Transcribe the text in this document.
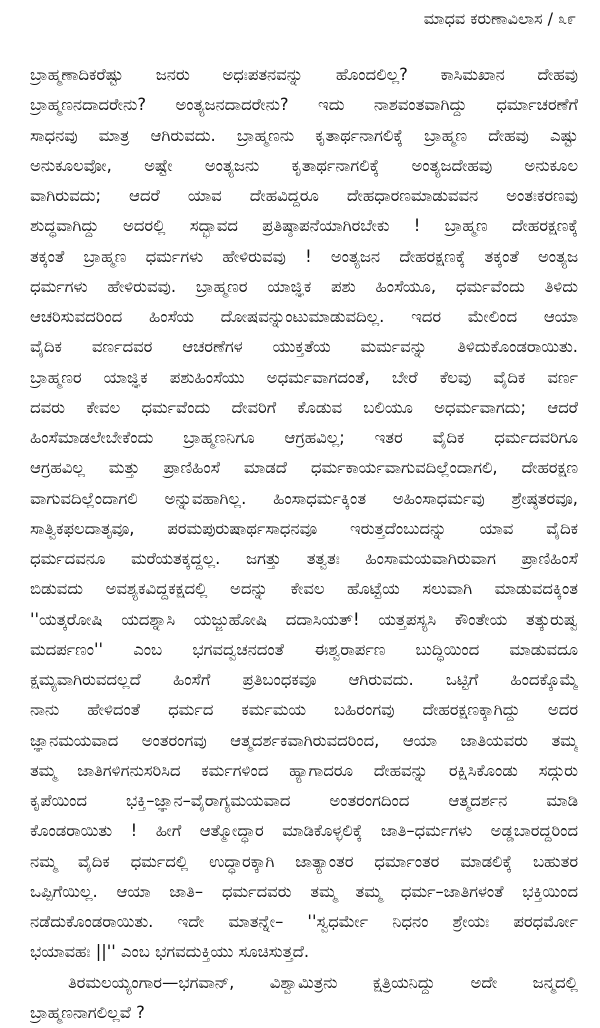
ಮಾಧವ ಕರುಣಾವಿಲಾಸ / ೩೯
ಬ್ರಾಹ್ಮಣಾದಿಕರೆಷ್ಟು ಜನರು ಅಧಃಪತನವನ್ನು ಹೊಂದಲಿಲ್ಲ? ಕಾಸಿಮಖಾನ ದೇಹವು
ಬ್ರಾಹ್ಮಣನದಾದರೇನು? ಅಂತ್ಯಜನದಾದರೇನು? ಇದು ನಾಶವಂತವಾಗಿದ್ದು ಧರ್ಮಾಚರಣೆಗೆ
ಸಾಧನವು ಮಾತ್ರ ಆಗಿರುವದು. ಬ್ರಾಹ್ಮಣನು ಕೃತಾರ್ಥನಾಗಲಿಕ್ಕೆ ಬ್ರಾಹ್ಮಣ ದೇಹವು ಎಷ್ಟು
ಅನುಕೂಲವೋ, ಅಷ್ಟೇ ಅಂತ್ಯಜನು ಕೃತಾರ್ಥನಾಗಲಿಕ್ಕೆ ಅಂತ್ಯಜದೇಹವು ಅನುಕೂಲ
ವಾಗಿರುವದು; ಆದರೆ ಯಾವ ದೇಹವಿದ್ದರೂ ದೇಹಧಾರಣಮಾಡುವವನ ಅಂತಃಕರಣವು
ಶುದ್ಧವಾಗಿದ್ದು ಅದರಲ್ಲಿ ಸದ್ಭಾವದ ಪ್ರತಿಷ್ಠಾಪನೆಯಾಗಿರಬೇಕು ! ಬ್ರಾಹ್ಮಣ ದೇಹರಕ್ಷಣಕ್ಕೆ
ತಕ್ಕಂತೆ ಬ್ರಾಹ್ಮಣ ಧರ್ಮಗಳು ಹೇಳಿರುವವು ! ಅಂತ್ಯಜನ ದೇಹರಕ್ಷಣಕ್ಕೆ ತಕ್ಕಂತೆ ಅಂತ್ಯಜ
ಧರ್ಮಗಳು ಹೇಳಿರುವವು. ಬ್ರಾಹ್ಮಣರ ಯಾಜ್ಞಿಕ ಪಶು ಹಿಂಸೆಯೂ, ಧರ್ಮವೆಂದು ತಿಳಿದು
ಆಚರಿಸುವದರಿಂದ ಹಿಂಸೆಯ ದೋಷವನ್ನುಂಟುಮಾಡುವದಿಲ್ಲ. ಇದರ ಮೇಲಿಂದ ಆಯಾ
ವೈದಿಕ ವರ್ಣದವರ ಆಚರಣೆಗಳ ಯುಕ್ತತೆಯ ಮರ್ಮವನ್ನು ತಿಳಿದುಕೊಂಡರಾಯಿತು.
ಬ್ರಾಹ್ಮಣರ ಯಾಜ್ಞಿಕ ಪಶುಹಿಂಸೆಯು ಅಧರ್ಮವಾಗದಂತೆ, ಬೇರೆ ಕೆಲವು ವೈದಿಕ ವರ್ಣ
ದವರು ಕೇವಲ ಧರ್ಮವೆಂದು ದೇವರಿಗೆ ಕೊಡುವ ಬಲಿಯೂ ಅಧರ್ಮವಾಗದು; ಆದರೆ
ಹಿಂಸೆಮಾಡಲೇಬೇಕೆಂದು ಬ್ರಾಹ್ಮಣನಿಗೂ ಆಗ್ರಹವಿಲ್ಲ; ಇತರ ವೈದಿಕ ಧರ್ಮದವರಿಗೂ
ಆಗ್ರಹವಿಲ್ಲ ಮತ್ತು ಪ್ರಾಣಿಹಿಂಸೆ ಮಾಡದೆ ಧರ್ಮಕಾರ್ಯವಾಗುವದಿಲ್ಲೆಂದಾಗಲಿ, ದೇಹರಕ್ಷಣ
ವಾಗುವದಿಲ್ಲೆಂದಾಗಲಿ ಅನ್ನುವಹಾಗಿಲ್ಲ. ಹಿಂಸಾಧರ್ಮಕ್ಕಿಂತ ಅಹಿಂಸಾಧರ್ಮವು ಶ್ರೇಷ್ಠತರವೂ,
ಸಾತ್ವಿಕಫಲದಾತೃವೂ, ಪರಮಪುರುಷಾರ್ಥಸಾಧನವೂ ಇರುತ್ತದೆಂಬುದನ್ನು ಯಾವ ವೈದಿಕ
ಧರ್ಮದವನೂ ಮರೆಯತಕ್ಕದ್ದಲ್ಲ. ಜಗತ್ತು ತತ್ವತಃ ಹಿಂಸಾಮಯವಾಗಿರುವಾಗ ಪ್ರಾಣಿಹಿಂಸೆ
ಬಿಡುವದು ಅವಶ್ಯಕವಿದ್ದಕಕ್ಷದಲ್ಲಿ ಅದನ್ನು ಕೇವಲ ಹೊಟ್ಟೆಯ ಸಲುವಾಗಿ ಮಾಡುವದಕ್ಕಿಂತ
''ಯತ್ಕರೋಷಿ ಯದಶ್ನಾಸಿ ಯಜ್ಜುಹೋಷಿ ದದಾಸಿಯತ್! ಯತ್ತಪಸ್ಯಸಿ ಕೌಂತೇಯ ತತ್ಕುರುಷ್ವ
ಮದರ್ಪಣಂ'' ಎಂಬ ಭಗವದ್ವಚನದಂತೆ ಈಶ್ವರಾರ್ಪಣ ಬುದ್ಧಿಯಿಂದ ಮಾಡುವದೂ
ಕ್ಷಮ್ಯವಾಗಿರುವದಲ್ಲದೆ ಹಿಂಸೆಗೆ ಪ್ರತಿಬಂಧಕವೂ ಆಗಿರುವದು. ಒಟ್ಟಿಗೆ ಹಿಂದಕ್ಕೊಮ್ಮೆ
ನಾನು ಹೇಳಿದಂತೆ ಧರ್ಮದ ಕರ್ಮಮಯ ಬಹಿರಂಗವು ದೇಹರಕ್ಷಣಕ್ಕಾಗಿದ್ದು ಅದರ
ಜ್ಞಾನಮಯವಾದ ಅಂತರಂಗವು ಆತ್ಮದರ್ಶಕವಾಗಿರುವದರಿಂದ, ಆಯಾ ಜಾತಿಯವರು ತಮ್ಮ
ತಮ್ಮ ಜಾತಿಗಳಿಗನುಸರಿಸಿದ ಕರ್ಮಗಳಿಂದ ಹ್ಯಾಗಾದರೂ ದೇಹವನ್ನು ರಕ್ಷಿಸಿಕೊಂಡು ಸದ್ಗುರು
ಕೃಪೆಯಿಂದ ಭಕ್ತಿ–ಜ್ಞಾನ–ವೈರಾಗ್ಯಮಯವಾದ ಅಂತರಂಗದಿಂದ ಆತ್ಮದರ್ಶನ ಮಾಡಿ
ಕೊಂಡರಾಯಿತು ! ಹೀಗೆ ಆತ್ಮೋದ್ಧಾರ ಮಾಡಿಕೊಳ್ಳಲಿಕ್ಕೆ ಜಾತಿ–ಧರ್ಮಗಳು ಅಡ್ಡಬಾರದ್ದರಿಂದ
ನಮ್ಮ ವೈದಿಕ ಧರ್ಮದಲ್ಲಿ ಉದ್ಧಾರಕ್ಕಾಗಿ ಜಾತ್ಯಾಂತರ ಧರ್ಮಾಂತರ ಮಾಡಲಿಕ್ಕೆ ಬಹುತರ
ಒಪ್ಪಿಗೆಯಿಲ್ಲ. ಆಯಾ ಜಾತಿ– ಧರ್ಮದವರು ತಮ್ಮ ತಮ್ಮ ಧರ್ಮ–ಜಾತಿಗಳಂತೆ ಭಕ್ತಿಯಿಂದ
ನಡೆದುಕೊಂಡರಾಯಿತು. ಇದೇ ಮಾತನ್ನೇ– ''ಸ್ವಧರ್ಮೇ ನಿಧನಂ ಶ್ರೇಯಃ ಪರಧರ್ಮೋ
ಭಯಾವಹಃ ||'' ಎಂಬ ಭಗವದುಕ್ತಿಯು ಸೂಚಿಸುತ್ತದೆ.
ತಿರಮಲಯ್ಯಂಗಾರ—ಭಗವಾನ್, ವಿಶ್ವಾಮಿತ್ರನು ಕ್ಷತ್ರಿಯನಿದ್ದು ಅದೇ ಜನ್ಮದಲ್ಲಿ
ಬ್ರಾಹ್ಮಣನಾಗಲಿಲ್ಲವೆ ?
